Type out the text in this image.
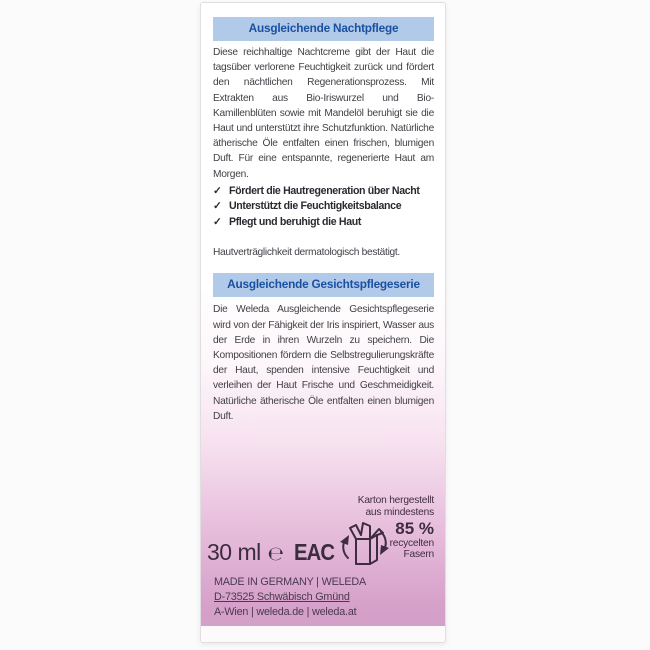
Ausgleichende Nachtpflege

Diese reichhaltige Nachtcreme gibt der Haut die tagsüber verlorene Feuchtigkeit zurück und fördert den nächtlichen Regenerationsprozess. Mit Extrakten aus Bio-Iriswurzel und Bio-Kamillenblüten sowie mit Mandelöl beruhigt sie die Haut und unterstützt ihre Schutzfunktion. Natürliche ätherische Öle entfalten einen frischen, blumigen Duft. Für eine entspannte, regenerierte Haut am Morgen.

✓ Fördert die Hautregeneration über Nacht
✓ Unterstützt die Feuchtigkeitsbalance
✓ Pflegt und beruhigt die Haut
Hautverträglichkeit dermatologisch bestätigt.
Ausgleichende Gesichtspflegeserie

Die Weleda Ausgleichende Gesichtspflegeserie wird von der Fähigkeit der Iris inspiriert, Wasser aus der Erde in ihren Wurzeln zu speichern. Die Kompositionen fördern die Selbstregulierungskräfte der Haut, spenden intensive Feuchtigkeit und verleihen der Haut Frische und Geschmeidigkeit. Natürliche ätherische Öle entfalten einen blumigen Duft.

Karton hergestellt
aus mindestens
85 %
recycelten
Fasern
30 ml ℮ EAC
MADE IN GERMANY | WELEDA
D-73525 Schwäbisch Gmünd
A-Wien | weleda.de | weleda.at
